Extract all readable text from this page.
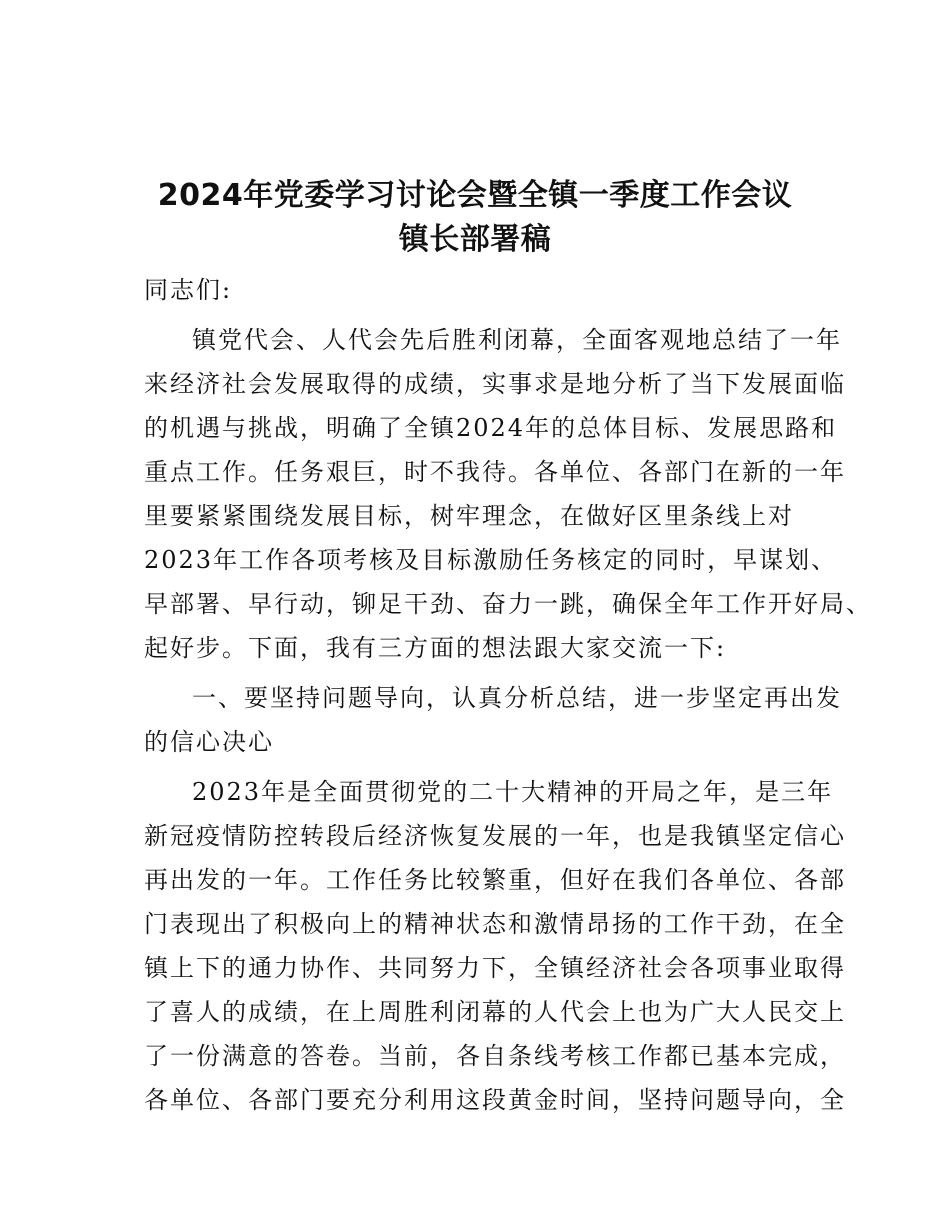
2024年党委学习讨论会暨全镇一季度工作会议
镇长部署稿
同志们:
镇党代会、人代会先后胜利闭幕，全面客观地总结了一年
来经济社会发展取得的成绩，实事求是地分析了当下发展面临
的机遇与挑战，明确了全镇2024年的总体目标、发展思路和
重点工作。任务艰巨，时不我待。各单位、各部门在新的一年
里要紧紧围绕发展目标，树牢理念，在做好区里条线上对
2023年工作各项考核及目标激励任务核定的同时，早谋划、
早部署、早行动，铆足干劲、奋力一跳，确保全年工作开好局、
起好步。下面，我有三方面的想法跟大家交流一下:
一、要坚持问题导向，认真分析总结，进一步坚定再出发
的信心决心
2023年是全面贯彻党的二十大精神的开局之年，是三年
新冠疫情防控转段后经济恢复发展的一年，也是我镇坚定信心
再出发的一年。工作任务比较繁重，但好在我们各单位、各部
门表现出了积极向上的精神状态和激情昂扬的工作干劲，在全
镇上下的通力协作、共同努力下，全镇经济社会各项事业取得
了喜人的成绩，在上周胜利闭幕的人代会上也为广大人民交上
了一份满意的答卷。当前，各自条线考核工作都已基本完成，
各单位、各部门要充分利用这段黄金时间，坚持问题导向，全
